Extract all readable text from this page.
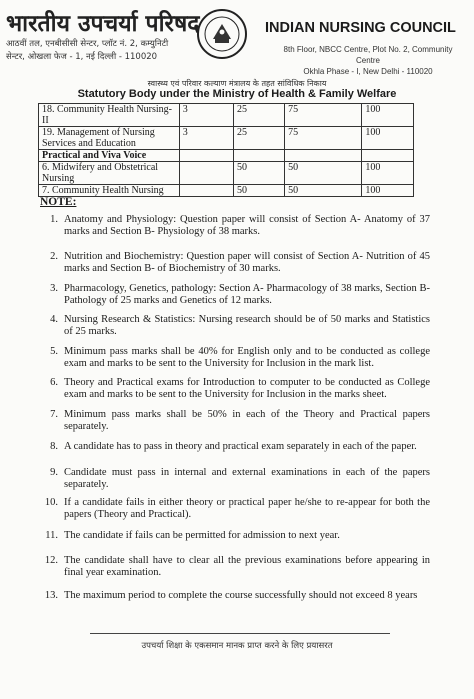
भारतीय उपचर्या परिषद
आठवीं तल, एनबीसीसी सेन्टर, प्लॉट नं. 2, कम्युनिटी
सेन्टर, ओखला फेज - 1, नई दिल्ली - 110020
INDIAN NURSING COUNCIL
8th Floor, NBCC Centre, Plot No. 2, Community Centre
Okhla Phase - I, New Delhi - 110020
स्वास्थ्य एवं परिवार कल्याण मंत्रालय के तहत सांविधिक निकाय
Statutory Body under the Ministry of Health & Family Welfare
18. Community Health Nursing-II	3	25	75	100
19. Management of Nursing Services and Education	3	25	75	100
Practical and Viva Voice				
6. Midwifery and Obstetrical Nursing		50	50	100
7. Community Health Nursing		50	50	100
NOTE:
1. Anatomy and Physiology: Question paper will consist of Section A- Anatomy of 37 marks and Section B- Physiology of 38 marks.
2. Nutrition and Biochemistry: Question paper will consist of Section A- Nutrition of 45 marks and Section B- of Biochemistry of 30 marks.
3. Pharmacology, Genetics, pathology: Section A- Pharmacology of 38 marks, Section B- Pathology of 25 marks and Genetics of 12 marks.
4. Nursing Research & Statistics: Nursing research should be of 50 marks and Statistics of 25 marks.
5. Minimum pass marks shall be 40% for English only and to be conducted as college exam and marks to be sent to the University for Inclusion in the mark list.
6. Theory and Practical exams for Introduction to computer to be conducted as College exam and marks to be sent to the University for Inclusion in the marks sheet.
7. Minimum pass marks shall be 50% in each of the Theory and Practical papers separately.
8. A candidate has to pass in theory and practical exam separately in each of the paper.
9. Candidate must pass in internal and external examinations in each of the papers separately.
10. If a candidate fails in either theory or practical paper he/she to re-appear for both the papers (Theory and Practical).
11. The candidate if fails can be permitted for admission to next year.
12. The candidate shall have to clear all the previous examinations before appearing in final year examination.
13. The maximum period to complete the course successfully should not exceed 8 years
उपचर्या शिक्षा के एकसमान मानक प्राप्त करने के लिए प्रयासरत
